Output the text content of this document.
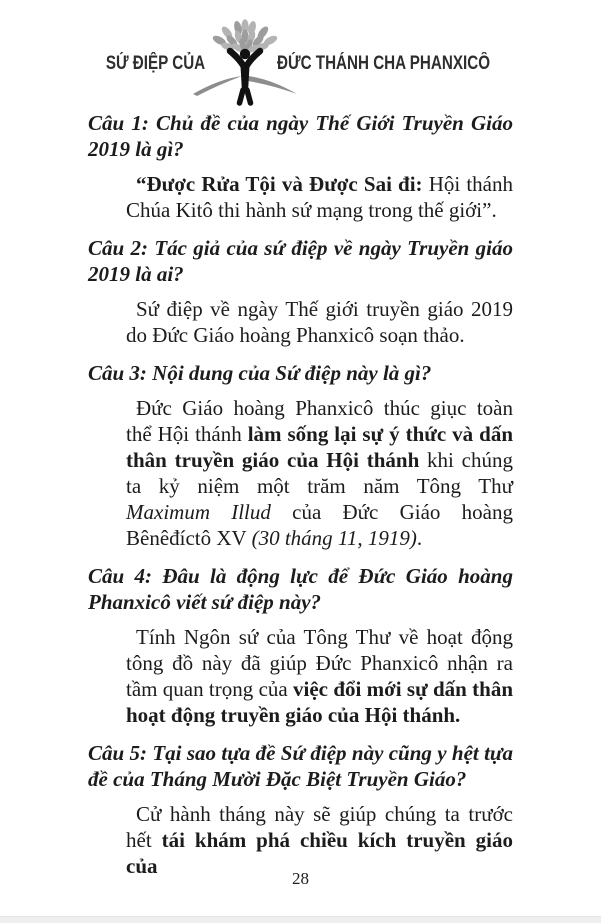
SỨ ĐIỆP CỦA	ĐỨC THÁNH CHA PHANXICÔ
Câu 1: Chủ đề của ngày Thế Giới Truyền Giáo 2019 là gì?

“Được Rửa Tội và Được Sai đi: Hội thánh Chúa Kitô thi hành sứ mạng trong thế giới”.

Câu 2: Tác giả của sứ điệp về ngày Truyền giáo 2019 là ai?

Sứ điệp về ngày Thế giới truyền giáo 2019 do Đức Giáo hoàng Phanxicô soạn thảo.

Câu 3: Nội dung của Sứ điệp này là gì?

Đức Giáo hoàng Phanxicô thúc giục toàn thể Hội thánh làm sống lại sự ý thức và dấn thân truyền giáo của Hội thánh khi chúng ta kỷ niệm một trăm năm Tông Thư Maximum Illud của Đức Giáo hoàng Bênêđíctô XV (30 tháng 11, 1919).

Câu 4: Đâu là động lực để Đức Giáo hoàng Phanxicô viết sứ điệp này?

Tính Ngôn sứ của Tông Thư về hoạt động tông đồ này đã giúp Đức Phanxicô nhận ra tầm quan trọng của việc đổi mới sự dấn thân hoạt động truyền giáo của Hội thánh.

Câu 5: Tại sao tựa đề Sứ điệp này cũng y hệt tựa đề của Tháng Mười Đặc Biệt Truyền Giáo?

Cử hành tháng này sẽ giúp chúng ta trước hết tái khám phá chiều kích truyền giáo của

28
